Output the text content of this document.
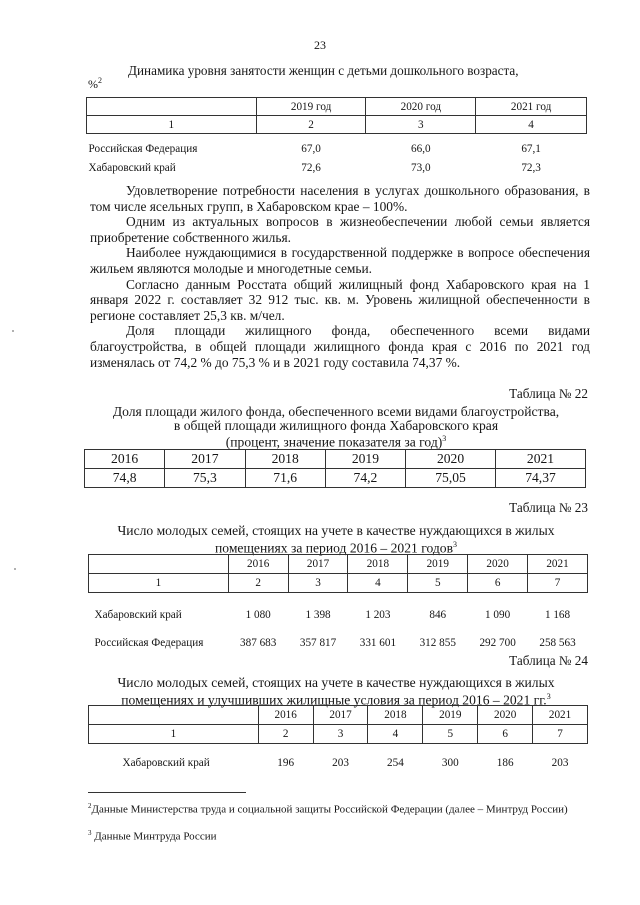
23
Динамика уровня занятости женщин с детьми дошкольного возраста,
%$^2$
	2019 год	2020 год	2021 год
1	2	3	4
Российская Федерация	67,0	66,0	67,1
Хабаровский край	72,6	73,0	72,3

Удовлетворение потребности населения в услугах дошкольного образования, в том числе ясельных групп, в Хабаровском крае – 100%.

Одним из актуальных вопросов в жизнеобеспечении любой семьи является приобретение собственного жилья.

Наиболее нуждающимися в государственной поддержке в вопросе обеспечения жильем являются молодые и многодетные семьи.

Согласно данным Росстата общий жилищный фонд Хабаровского края на 1 января 2022 г. составляет 32 912 тыс. кв. м. Уровень жилищной обеспеченности в регионе составляет 25,3 кв. м/чел.

Доля площади жилищного фонда, обеспеченного всеми видами благоустройства, в общей площади жилищного фонда края с 2016 по 2021 год изменялась от 74,2 % до 75,3 % и в 2021 году составила 74,37 %.

Таблица № 22
Доля площади жилого фонда, обеспеченного всеми видами благоустройства,
в общей площади жилищного фонда Хабаровского края
(процент, значение показателя за год)$^3$
2016	2017	2018	2019	2020	2021
74,8	75,3	71,6	74,2	75,05	74,37
Таблица № 23
Число молодых семей, стоящих на учете в качестве нуждающихся в жилых
помещениях за период 2016 – 2021 годов$^3$
	2016	2017	2018	2019	2020	2021
1	2	3	4	5	6	7
Хабаровский край	1 080	1 398	1 203	846	1 090	1 168
Российская Федерация	387 683	357 817	331 601	312 855	292 700	258 563
Таблица № 24
Число молодых семей, стоящих на учете в качестве нуждающихся в жилых
помещениях и улучшивших жилищные условия за период 2016 – 2021 гг.$^3$
	2016	2017	2018	2019	2020	2021
1	2	3	4	5	6	7
Хабаровский край	196	203	254	300	186	203
$^2$Данные Министерства труда и социальной защиты Российской Федерации (далее – Минтруд России)
$^3$ Данные Минтруда России
